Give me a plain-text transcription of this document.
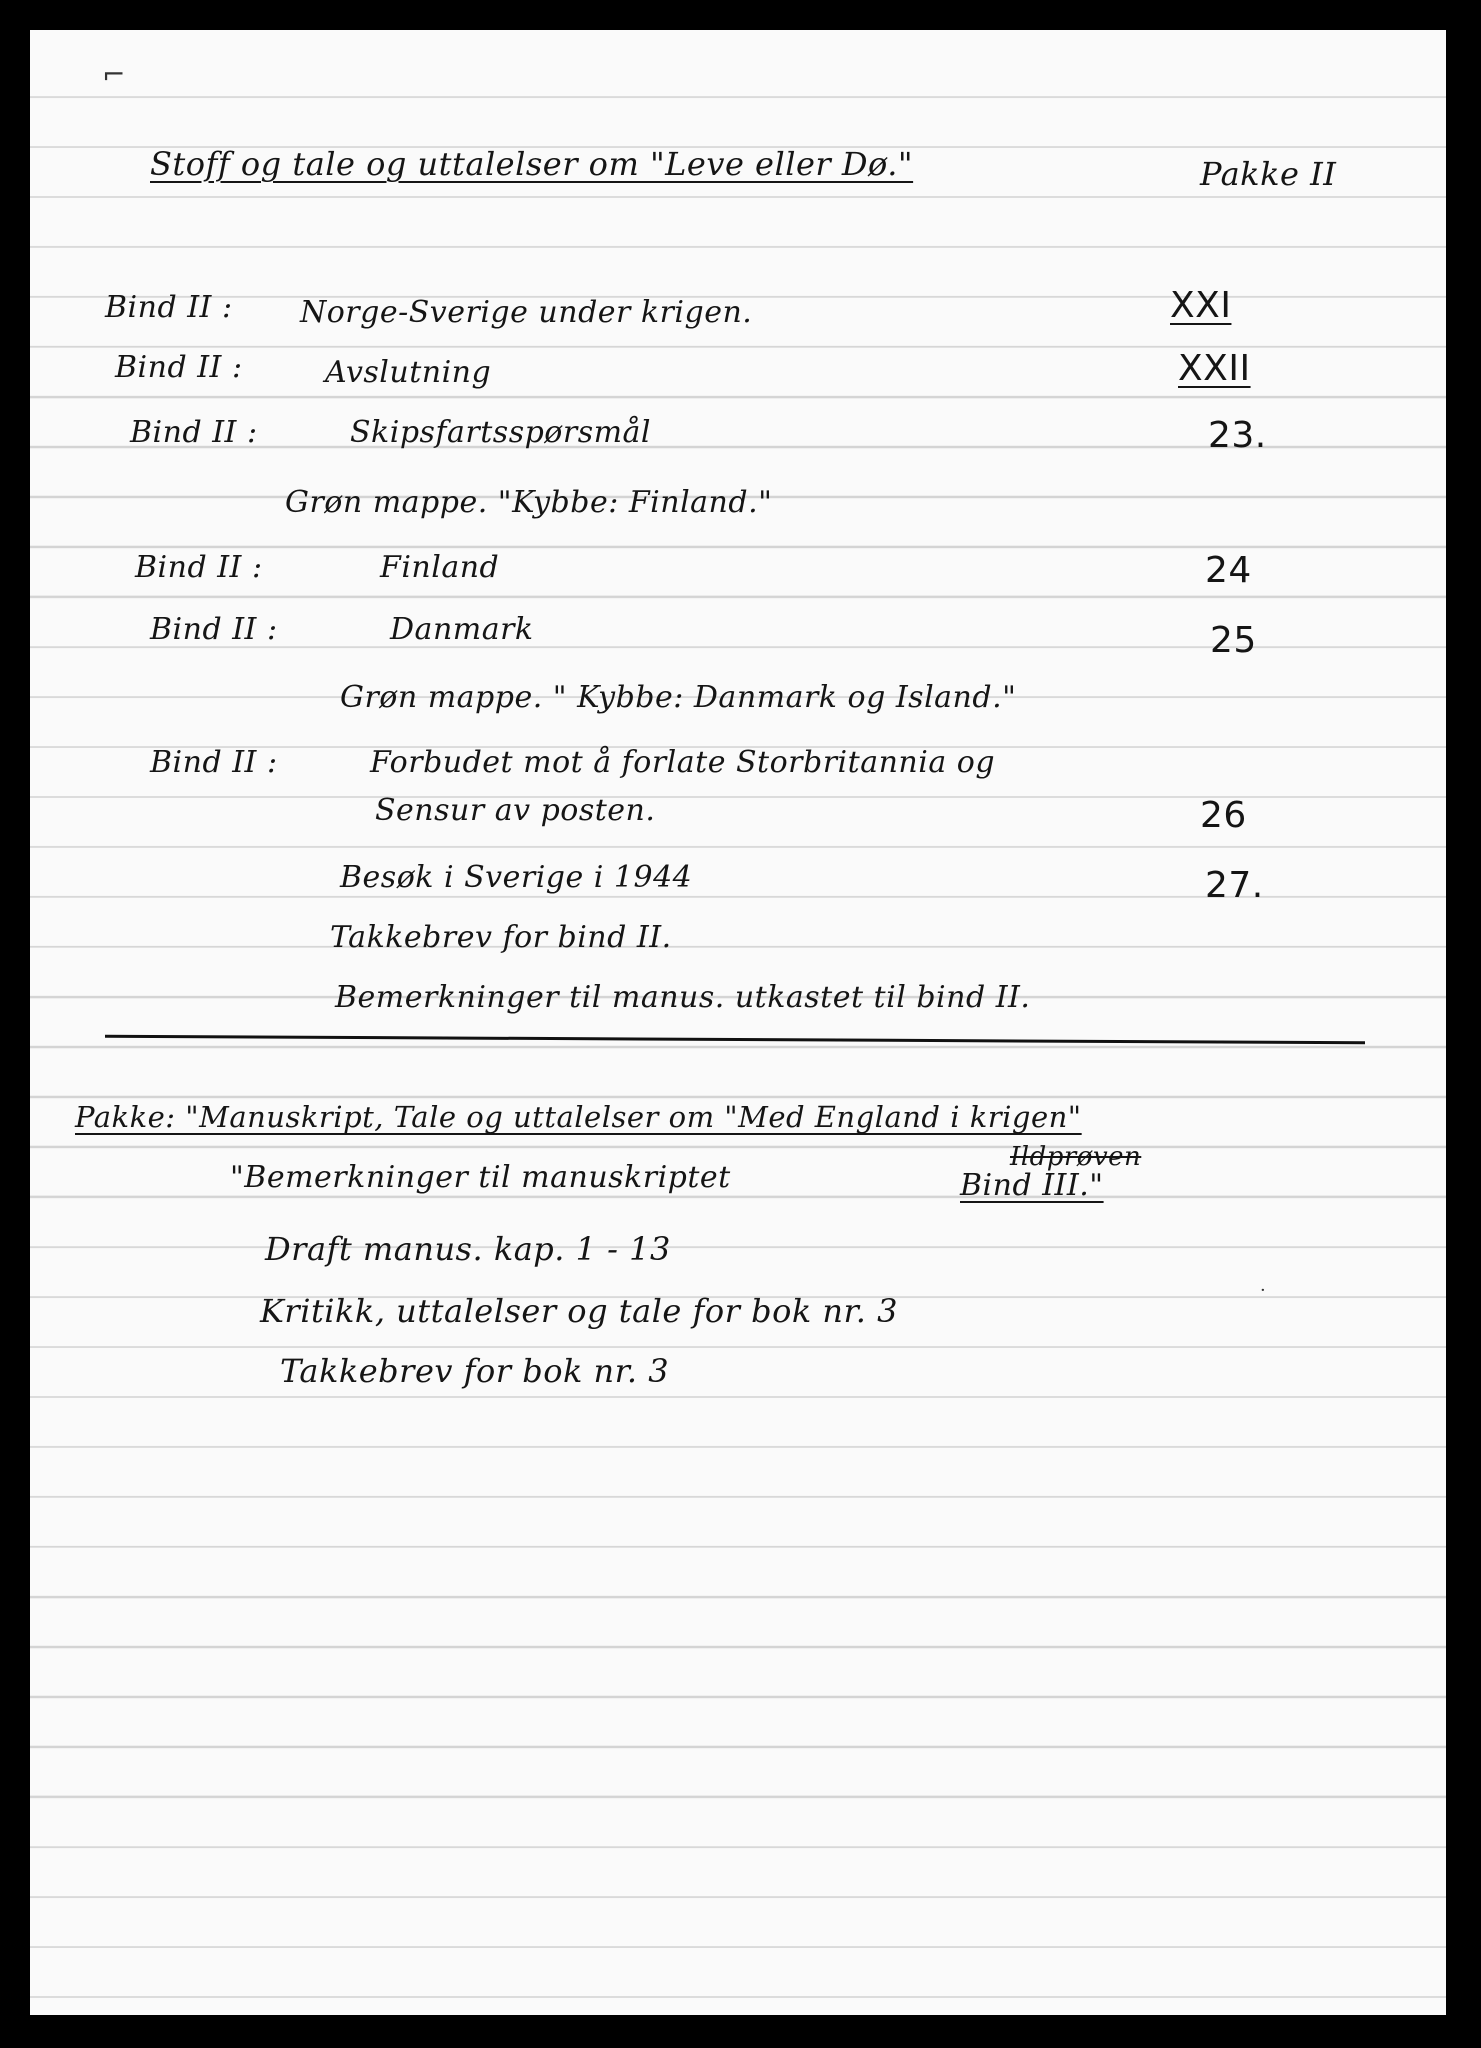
⌐
Stoff og tale og uttalelser om "Leve eller Dø."	Pakke II
Bind II : Norge-Sverige under krigen.	XXI
Bind II :	Avslutning	XXII
Bind II :	Skipsfartsspørsmål	23.
Grøn mappe. "Kybbe: Finland."
Bind II :	Finland	24
Bind II :	Danmark	25
Grøn mappe. " Kybbe: Danmark og Island."
Bind II :	Forbudet mot å forlate Storbritannia og
Sensur av posten.	26
Besøk i Sverige i 1944	27.
Takkebrev for bind II.
Bemerkninger til manus. utkastet til bind II.
Pakke: "Manuskript, Tale og uttalelser om "Med England i krigen"
Ildprøven
"Bemerkninger til manuskriptet	Bind III."
Draft manus. kap. 1 - 13
Kritikk, uttalelser og tale for bok nr. 3
Takkebrev for bok nr. 3
·
